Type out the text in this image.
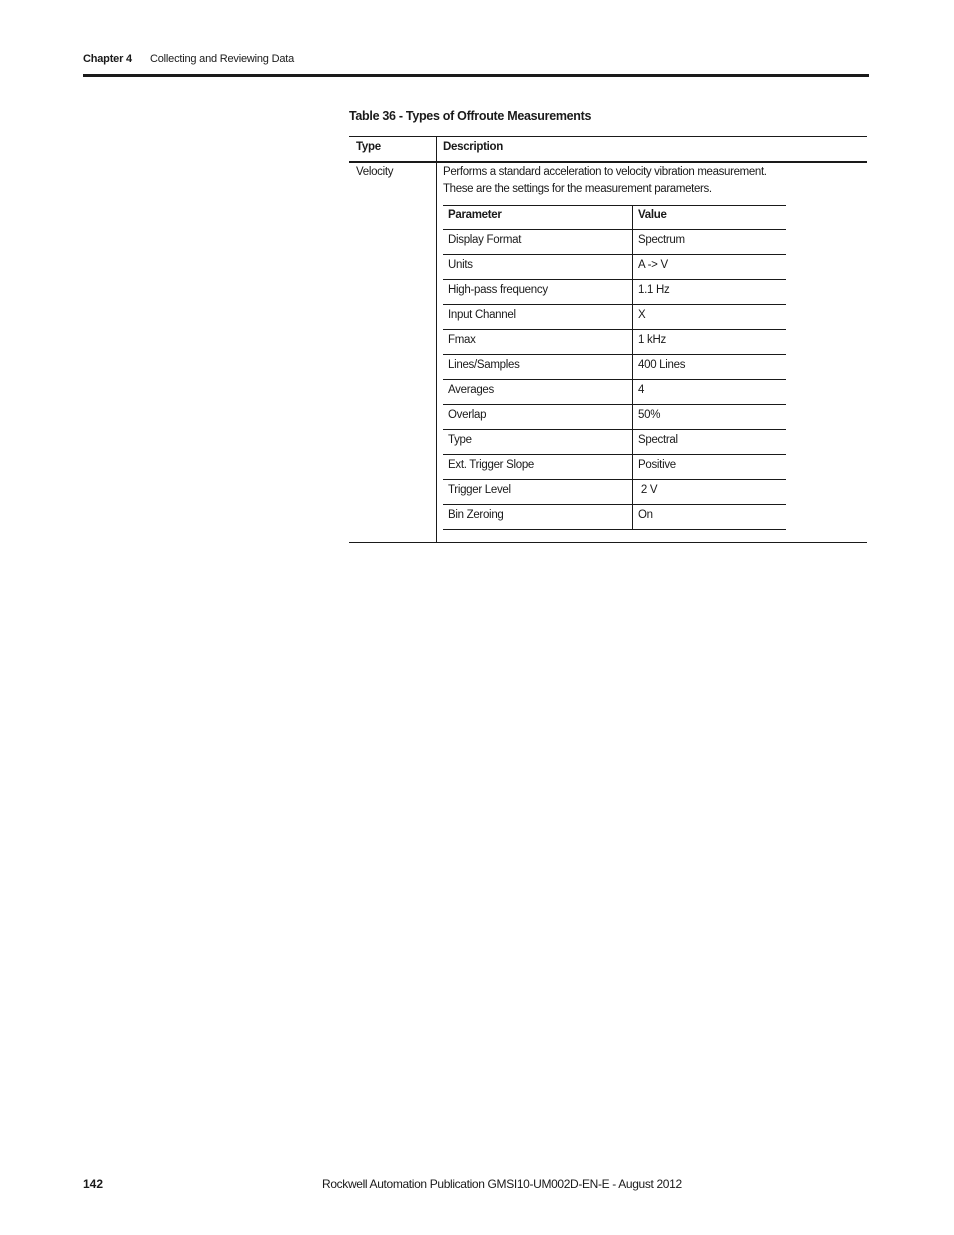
Chapter 4 Collecting and Reviewing Data
Table 36 - Types of Offroute Measurements
Type	Description
Velocity	Performs a standard acceleration to velocity vibration measurement.
These are the settings for the measurement parameters.
Parameter	Value
Display Format	Spectrum
Units	A -> V
High-pass frequency	1.1 Hz
Input Channel	X
Fmax	1 kHz
Lines/Samples	400 Lines
Averages	4
Overlap	50%
Type	Spectral
Ext. Trigger Slope	Positive
Trigger Level	2 V
Bin Zeroing	On
142	Rockwell Automation Publication GMSI10-UM002D-EN-E - August 2012
